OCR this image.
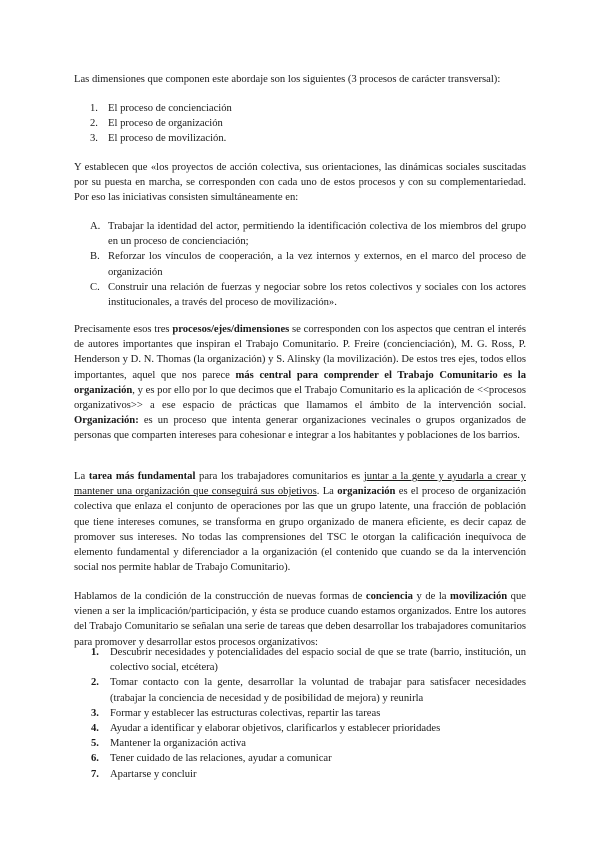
Las dimensiones que componen este abordaje son los siguientes (3 procesos de carácter transversal):

1. El proceso de concienciación
2. El proceso de organización
3. El proceso de movilización.

Y establecen que «los proyectos de acción colectiva, sus orientaciones, las dinámicas sociales suscitadas por su puesta en marcha, se corresponden con cada uno de estos procesos y con su complementariedad. Por eso las iniciativas consisten simultáneamente en:

A. Trabajar la identidad del actor, permitiendo la identificación colectiva de los miembros del grupo en un proceso de concienciación;
B. Reforzar los vínculos de cooperación, a la vez internos y externos, en el marco del proceso de organización
C. Construir una relación de fuerzas y negociar sobre los retos colectivos y sociales con los actores institucionales, a través del proceso de movilización».

Precisamente esos tres procesos/ejes/dimensiones se corresponden con los aspectos que centran el interés de autores importantes que inspiran el Trabajo Comunitario. P. Freire (concienciación), M. G. Ross, P. Henderson y D. N. Thomas (la organización) y S. Alinsky (la movilización). De estos tres ejes, todos ellos importantes, aquel que nos parece más central para comprender el Trabajo Comunitario es la organización, y es por ello por lo que decimos que el Trabajo Comunitario es la aplicación de <<procesos organizativos>> a ese espacio de prácticas que llamamos el ámbito de la intervención social. Organización: es un proceso que intenta generar organizaciones vecinales o grupos organizados de personas que comparten intereses para cohesionar e integrar a los habitantes y poblaciones de los barrios.

La tarea más fundamental para los trabajadores comunitarios es juntar a la gente y ayudarla a crear y mantener una organización que conseguirá sus objetivos. La organización es el proceso de organización colectiva que enlaza el conjunto de operaciones por las que un grupo latente, una fracción de población que tiene intereses comunes, se transforma en grupo organizado de manera eficiente, es decir capaz de promover sus intereses. No todas las comprensiones del TSC le otorgan la calificación inequívoca de elemento fundamental y diferenciador a la organización (el contenido que cuando se da la intervención social nos permite hablar de Trabajo Comunitario).

Hablamos de la condición de la construcción de nuevas formas de conciencia y de la movilización que vienen a ser la implicación/participación, y ésta se produce cuando estamos organizados. Entre los autores del Trabajo Comunitario se señalan una serie de tareas que deben desarrollar los trabajadores comunitarios para promover y desarrollar estos procesos organizativos:

1. Descubrir necesidades y potencialidades del espacio social de que se trate (barrio, institución, un colectivo social, etcétera)
2. Tomar contacto con la gente, desarrollar la voluntad de trabajar para satisfacer necesidades (trabajar la conciencia de necesidad y de posibilidad de mejora) y reunirla
3. Formar y establecer las estructuras colectivas, repartir las tareas
4. Ayudar a identificar y elaborar objetivos, clarificarlos y establecer prioridades
5. Mantener la organización activa
6. Tener cuidado de las relaciones, ayudar a comunicar
7. Apartarse y concluir
